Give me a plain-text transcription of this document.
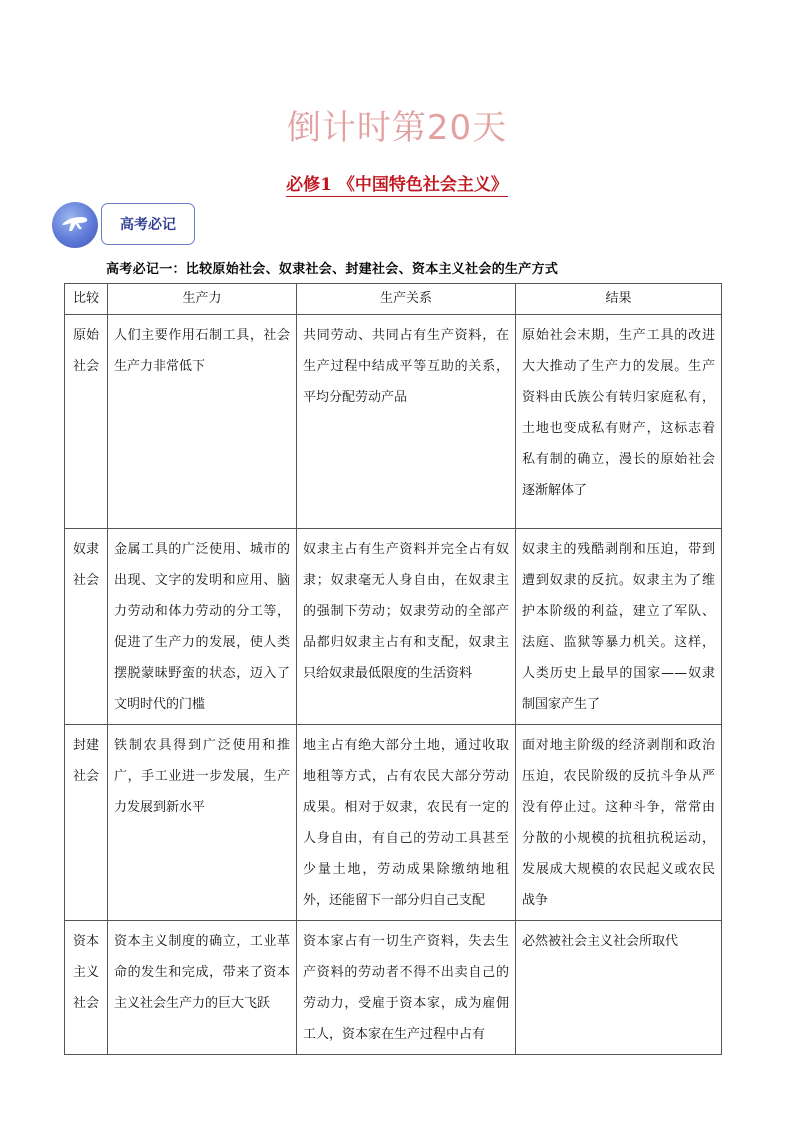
倒计时第20天
必修1 《中国特色社会主义》
高考必记
高考必记一：比较原始社会、奴隶社会、封建社会、资本主义社会的生产方式
比较	生产力	生产关系	结果
原始社会	人们主要作用石制工具，社会生产力非常低下	共同劳动、共同占有生产资料，在生产过程中结成平等互助的关系，平均分配劳动产品	原始社会末期，生产工具的改进大大推动了生产力的发展。生产资料由氏族公有转归家庭私有，土地也变成私有财产，这标志着私有制的确立，漫长的原始社会逐渐解体了

奴隶社会	金属工具的广泛使用、城市的出现、文字的发明和应用、脑力劳动和体力劳动的分工等，促进了生产力的发展，使人类摆脱蒙昧野蛮的状态，迈入了文明时代的门槛	奴隶主占有生产资料并完全占有奴隶；奴隶毫无人身自由，在奴隶主的强制下劳动；奴隶劳动的全部产品都归奴隶主占有和支配，奴隶主只给奴隶最低限度的生活资料	奴隶主的残酷剥削和压迫，带到遭到奴隶的反抗。奴隶主为了维护本阶级的利益，建立了军队、法庭、监狱等暴力机关。这样，人类历史上最早的国家——奴隶制国家产生了

封建社会	铁制农具得到广泛使用和推广，手工业进一步发展，生产力发展到新水平	地主占有绝大部分土地，通过收取地租等方式，占有农民大部分劳动成果。相对于奴隶，农民有一定的人身自由，有自己的劳动工具甚至少量土地，劳动成果除缴纳地租外，还能留下一部分归自己支配	面对地主阶级的经济剥削和政治压迫，农民阶级的反抗斗争从严没有停止过。这种斗争，常常由分散的小规模的抗租抗税运动，发展成大规模的农民起义或农民战争

资本主义社会	资本主义制度的确立，工业革命的发生和完成，带来了资本主义社会生产力的巨大飞跃	资本家占有一切生产资料，失去生产资料的劳动者不得不出卖自己的劳动力，受雇于资本家，成为雇佣工人，资本家在生产过程中占有	必然被社会主义社会所取代
